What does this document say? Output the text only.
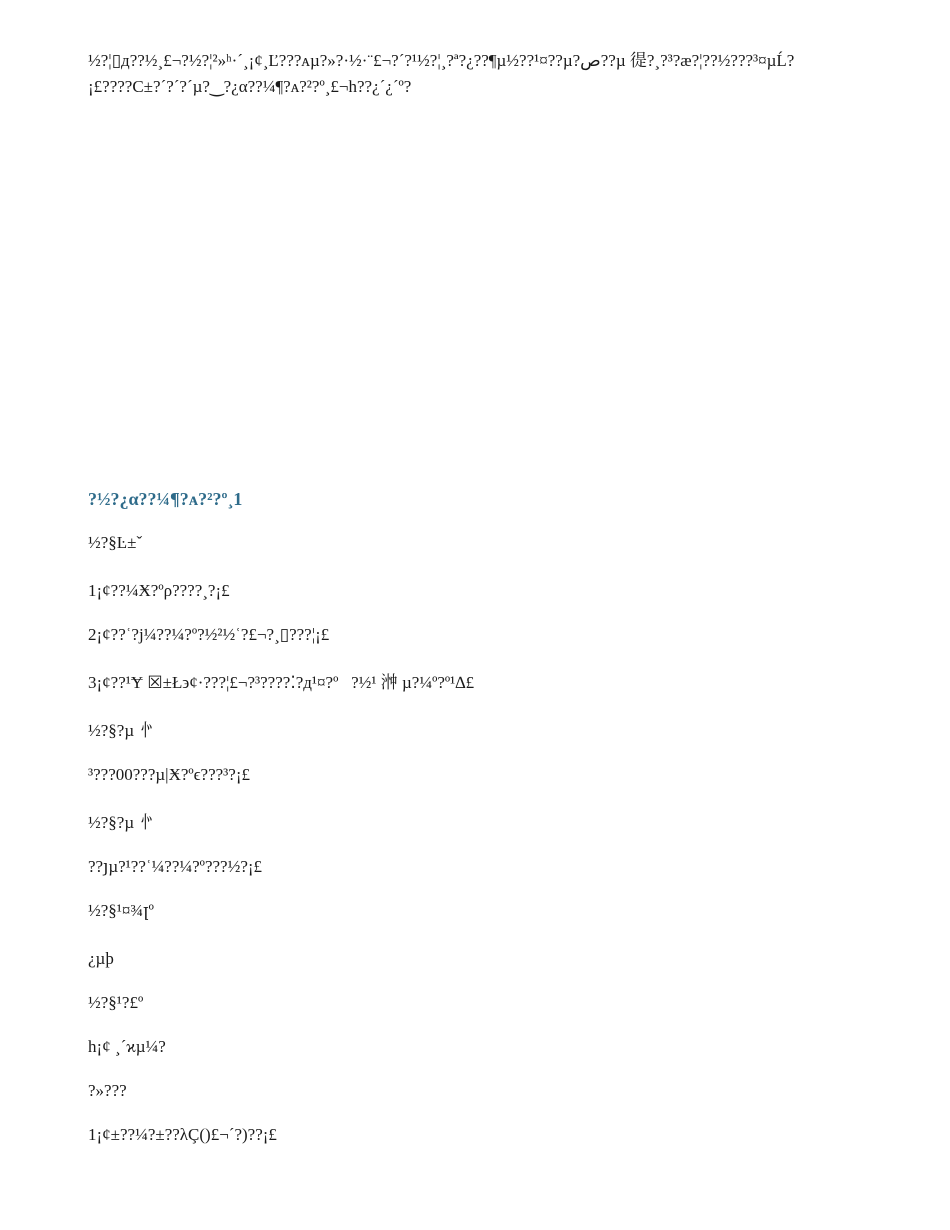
½?¦▯д??½¸£¬?½?¦²»ʰ·´¸¡¢¸Ľ???ᴀµ?»?·½·¨£¬?´?¹½?¦¸?ª?¿??¶µ½??¹¤??µ?ص??µ 徥?¸?³?æ?¦??½???³¤µĹ?
¡£????C±?´?´?´µ?‿?¿α??¼¶?ᴀ?²?º¸£¬h??¿´¿´º?
?½?¿α??¼¶?ᴀ?²?º¸1

½?§Ŀ±ˇ

1¡¢??¼Ӿ?ºρ????¸?¡£

2¡¢??ʿ?j¼??¼?º?½²½ʿ?£¬?¸▯???¦¡£

3¡¢??¹Ɏ ☒±Ł϶¢·???¦£¬?³????⁚?д¹¤?º   ?½¹ 浺 µ?¼º?º¹∆£

½?§?µ 㣺

³???00???µ|Ӿ?ºϵ???³?¡£

½?§?µ 㣺

??յµ?¹??ʿ¼??¼?º???½?¡£

½?§¹¤¾ꞁº

¿µþ

½?§¹?£º

h¡¢ ¸´ϰµ¼?

?»???

1¡¢±??¼?±??λÇ()£¬´?)??¡£
